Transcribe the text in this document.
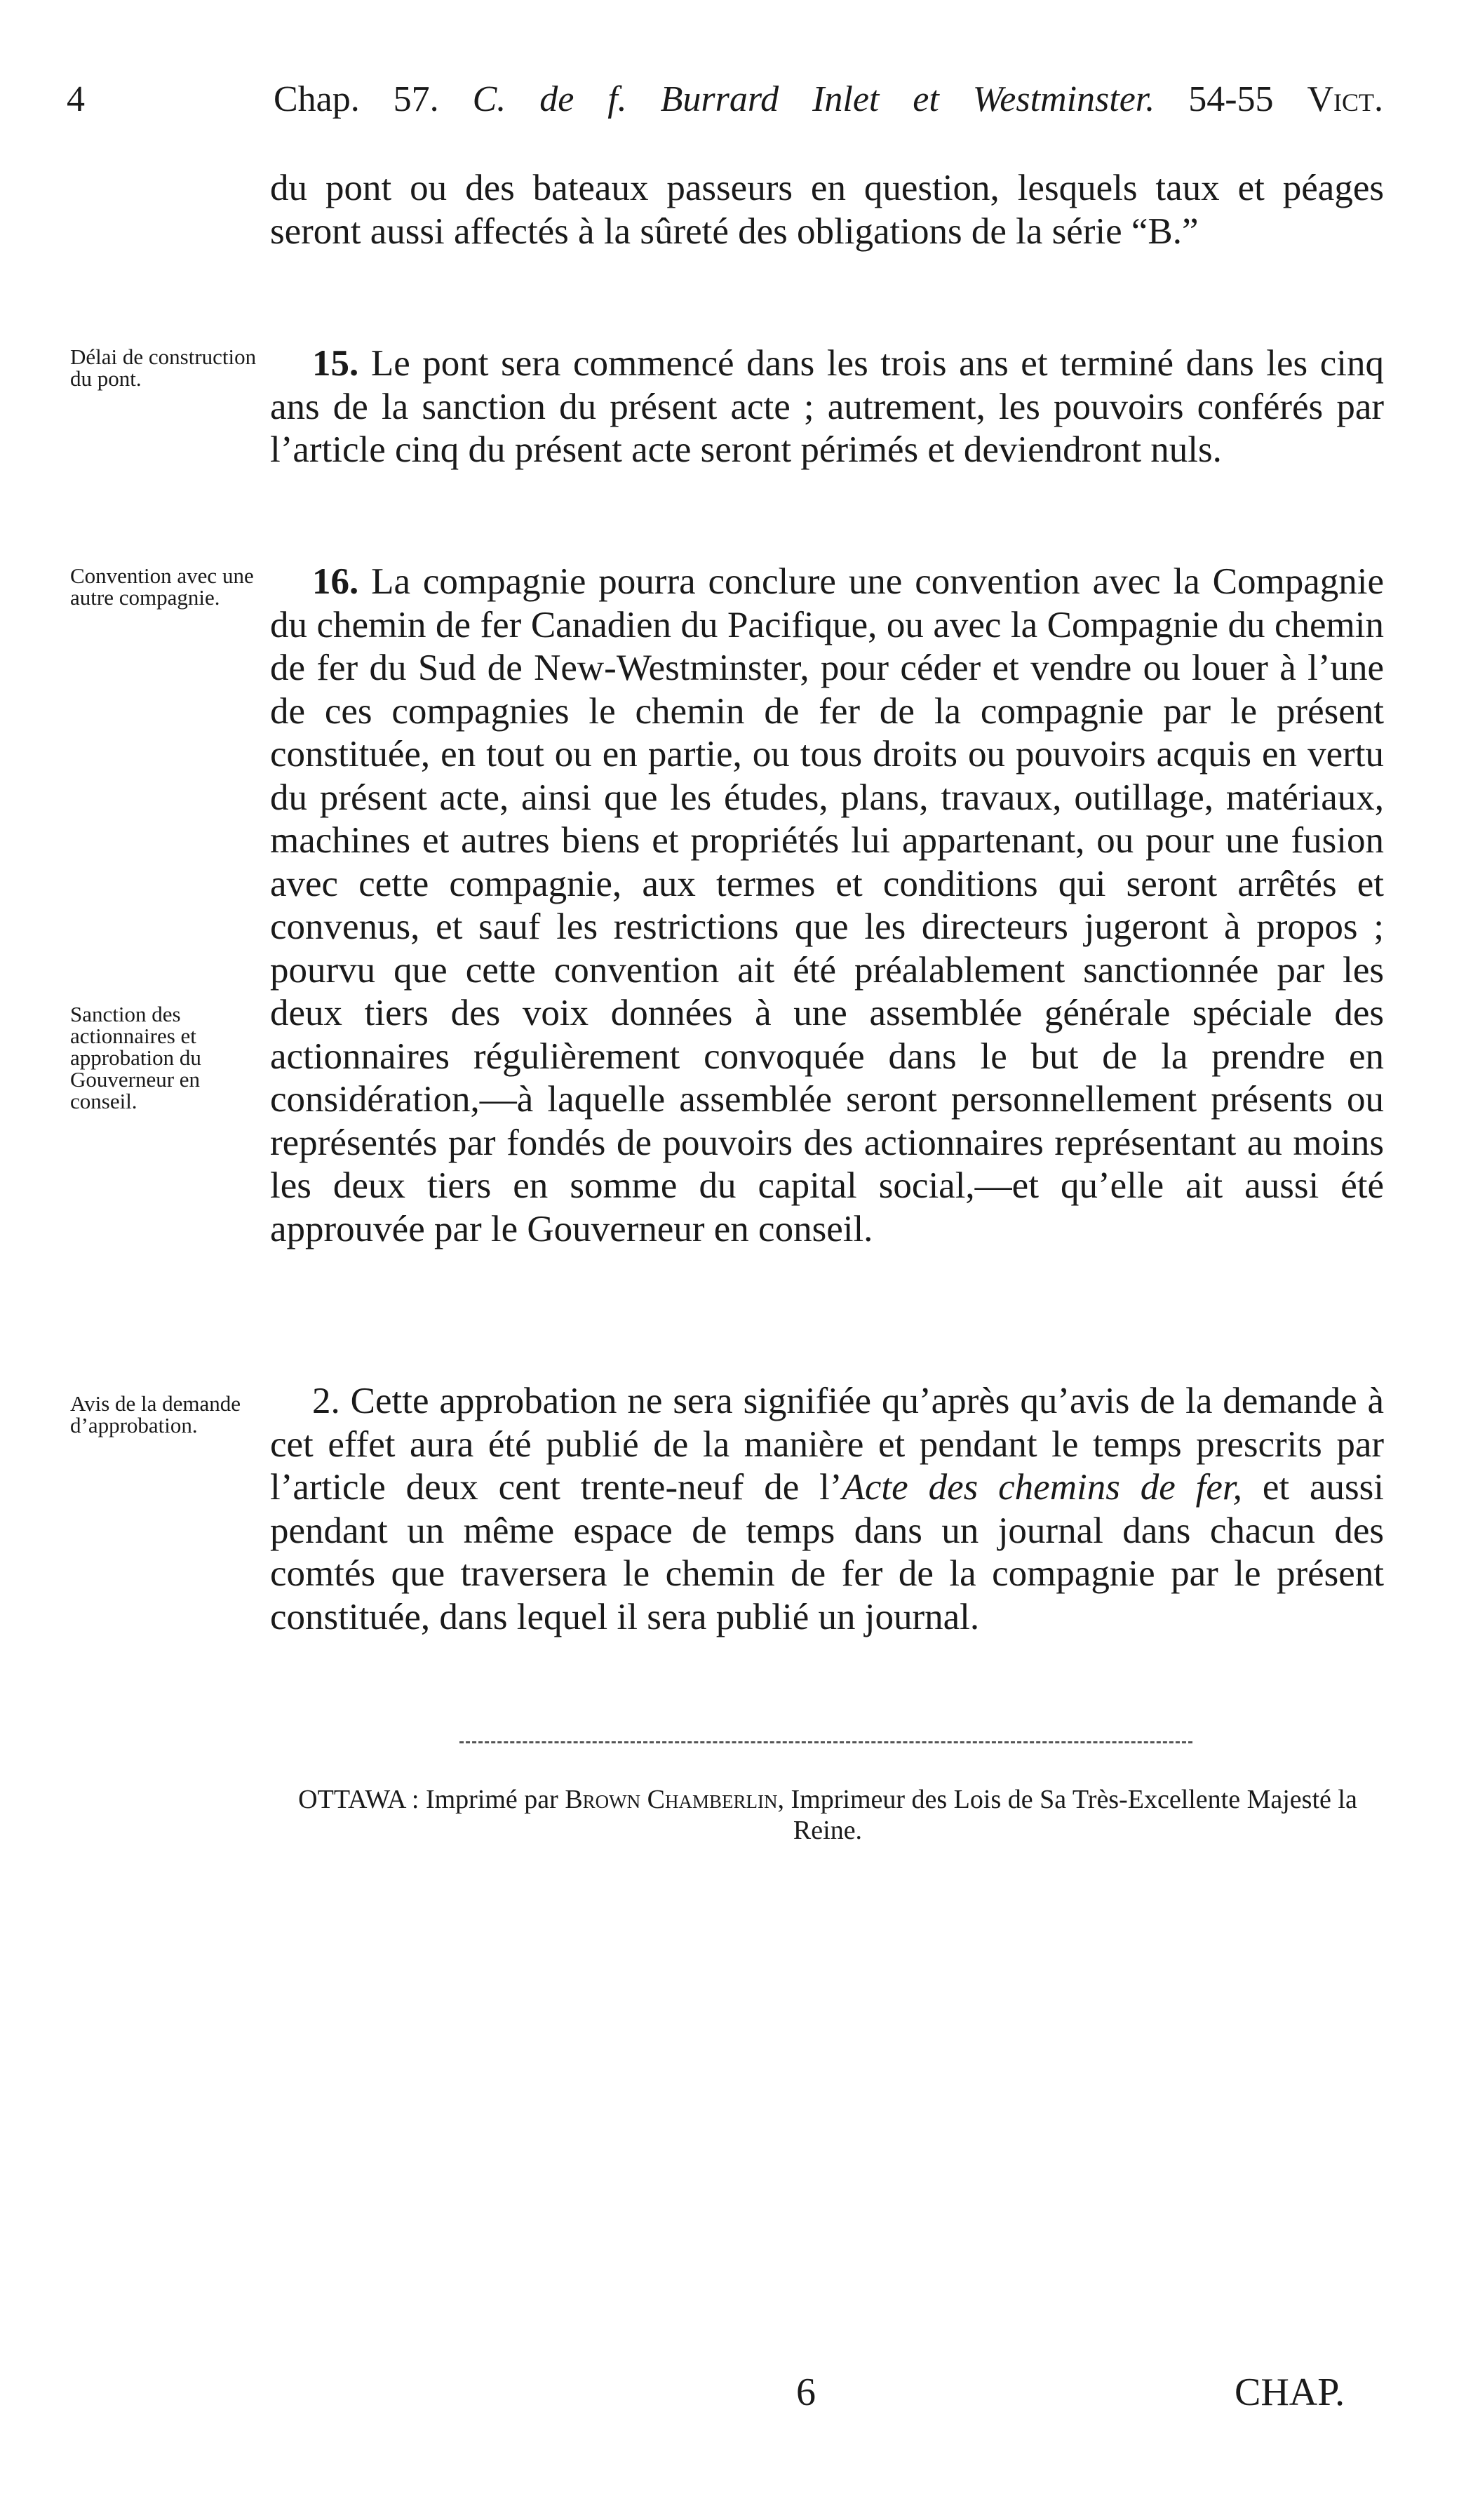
4	Chap. 57. C. de f. Burrard Inlet et Westminster. 54-55 Vict.

du pont ou des bateaux passeurs en question, lesquels taux et péages seront aussi affectés à la sûreté des obligations de la série “B.”

Délai de construction du pont.	15. Le pont sera commencé dans les trois ans et terminé dans les cinq ans de la sanction du présent acte ; autrement, les pouvoirs conférés par l’article cinq du présent acte seront périmés et deviendront nuls.

Convention avec une autre compagnie.
Sanction des actionnaires et approbation du Gouverneur en conseil.

16. La compagnie pourra conclure une convention avec la Compagnie du chemin de fer Canadien du Pacifique, ou avec la Compagnie du chemin de fer du Sud de New-Westminster, pour céder et vendre ou louer à l’une de ces compagnies le chemin de fer de la compagnie par le présent constituée, en tout ou en partie, ou tous droits ou pouvoirs acquis en vertu du présent acte, ainsi que les études, plans, travaux, outillage, matériaux, machines et autres biens et propriétés lui appartenant, ou pour une fusion avec cette compagnie, aux termes et conditions qui seront arrêtés et convenus, et sauf les restrictions que les directeurs jugeront à propos ; pourvu que cette convention ait été préalablement sanctionnée par les deux tiers des voix données à une assemblée générale spéciale des actionnaires régulièrement convoquée dans le but de la prendre en considération,—à laquelle assemblée seront personnellement présents ou représentés par fondés de pouvoirs des actionnaires représentant au moins les deux tiers en somme du capital social,—et qu’elle ait aussi été approuvée par le Gouverneur en conseil.

Avis de la demande d’approbation.

2. Cette approbation ne sera signifiée qu’après qu’avis de la demande à cet effet aura été publié de la manière et pendant le temps prescrits par l’article deux cent trente-neuf de l’Acte des chemins de fer, et aussi pendant un même espace de temps dans un journal dans chacun des comtés que traversera le chemin de fer de la compagnie par le présent constituée, dans lequel il sera publié un journal.

OTTAWA : Imprimé par Brown Chamberlin, Imprimeur des Lois de Sa Très-Excellente Majesté la Reine.
6	CHAP.
